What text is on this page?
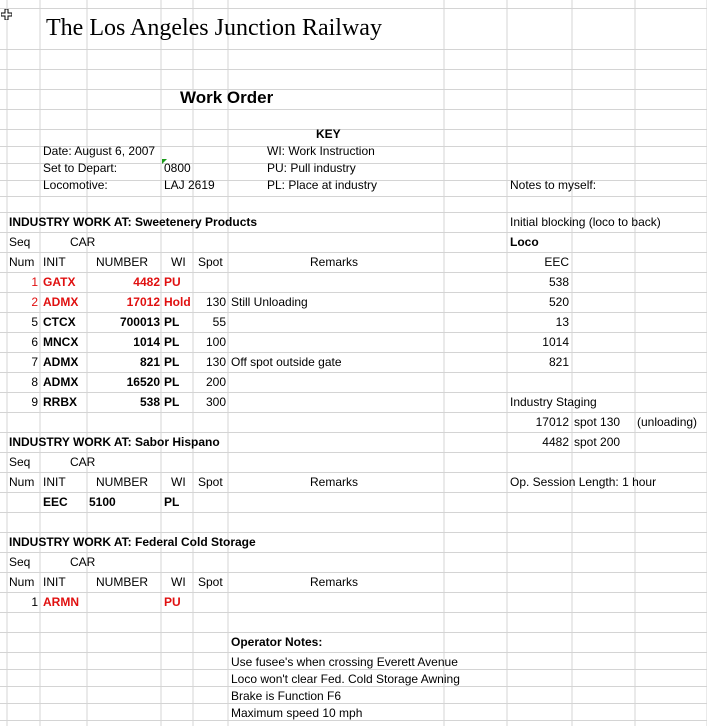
The Los Angeles Junction Railway
Work Order
Date: August 6, 2007
Set to Depart:	0800
Locomotive:	LAJ 2619
KEY
WI: Work Instruction
PU: Pull industry
PL: Place at industry	Notes to myself:
INDUSTRY WORK AT: Sweetenery Products
Seq	CAR
Num INIT	NUMBER WI Spot	Remarks
1 GATX	4482 PU
2 ADMX	17012 Hold	130 Still Unloading
5 CTCX	700013 PL	55
6 MNCX	1014 PL	100
7 ADMX	821 PL	130 Off spot outside gate
8 ADMX	16520 PL	200
9 RRBX	538 PL	300
Initial blocking (loco to back)
Loco
EEC
538
520
13
1014
821
Industry Staging
17012 spot 130 (unloading)
4482 spot 200
Op. Session Length: 1 hour
INDUSTRY WORK AT: Sabor Hispano
Seq	CAR
Num INIT	NUMBER WI Spot	Remarks
EEC 5100	PL
INDUSTRY WORK AT: Federal Cold Storage
Seq	CAR
Num INIT	NUMBER WI Spot	Remarks
1 ARMN	PU
Operator Notes:
Use fusee's when crossing Everett Avenue
Loco won't clear Fed. Cold Storage Awning
Brake is Function F6
Maximum speed 10 mph
